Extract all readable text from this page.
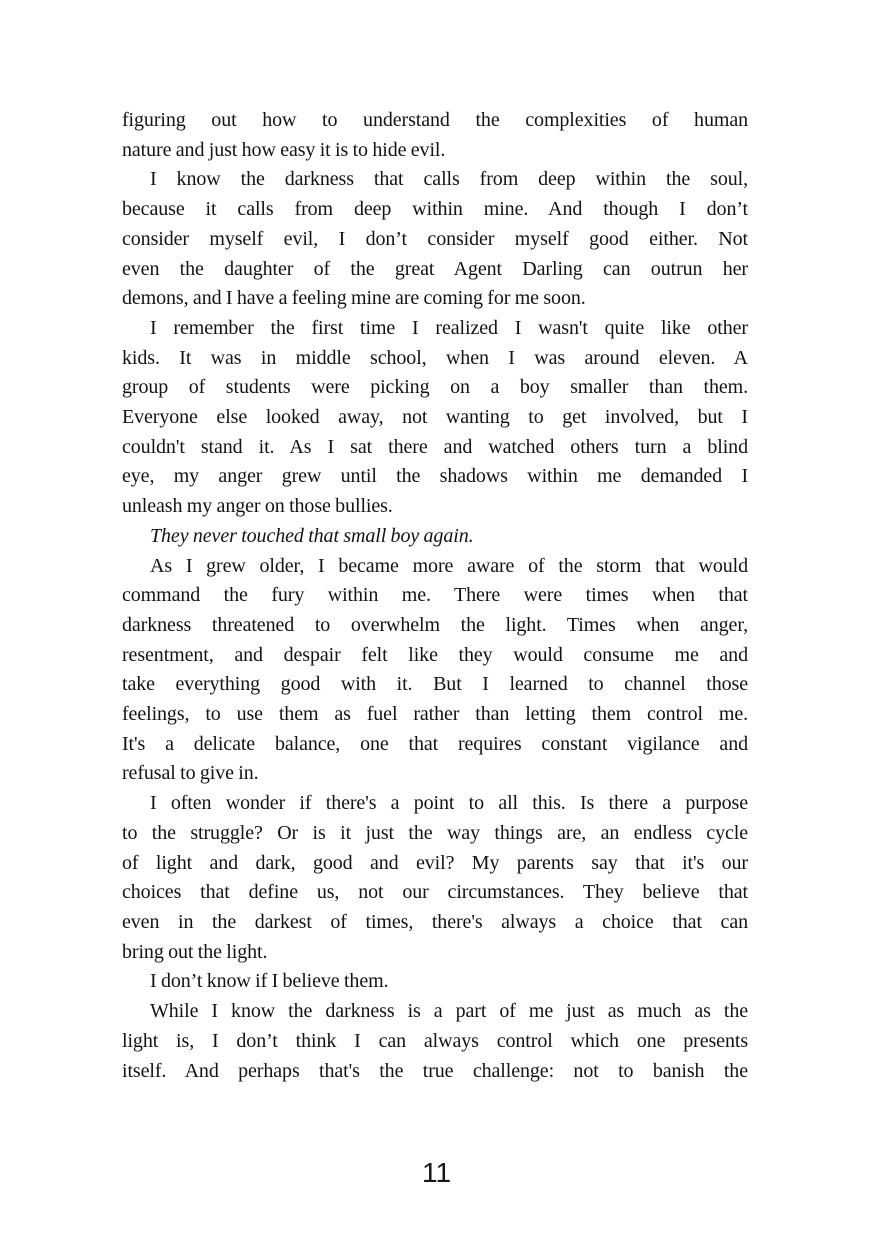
figuring out how to understand the complexities of human
nature and just how easy it is to hide evil.
I know the darkness that calls from deep within the soul,
because it calls from deep within mine. And though I don’t
consider myself evil, I don’t consider myself good either. Not
even the daughter of the great Agent Darling can outrun her
demons, and I have a feeling mine are coming for me soon.
I remember the first time I realized I wasn't quite like other
kids. It was in middle school, when I was around eleven. A
group of students were picking on a boy smaller than them.
Everyone else looked away, not wanting to get involved, but I
couldn't stand it. As I sat there and watched others turn a blind
eye, my anger grew until the shadows within me demanded I
unleash my anger on those bullies.
They never touched that small boy again.
As I grew older, I became more aware of the storm that would
command the fury within me. There were times when that
darkness threatened to overwhelm the light. Times when anger,
resentment, and despair felt like they would consume me and
take everything good with it. But I learned to channel those
feelings, to use them as fuel rather than letting them control me.
It's a delicate balance, one that requires constant vigilance and
refusal to give in.
I often wonder if there's a point to all this. Is there a purpose
to the struggle? Or is it just the way things are, an endless cycle
of light and dark, good and evil? My parents say that it's our
choices that define us, not our circumstances. They believe that
even in the darkest of times, there's always a choice that can
bring out the light.
I don’t know if I believe them.
While I know the darkness is a part of me just as much as the
light is, I don’t think I can always control which one presents
itself. And perhaps that's the true challenge: not to banish the
11
